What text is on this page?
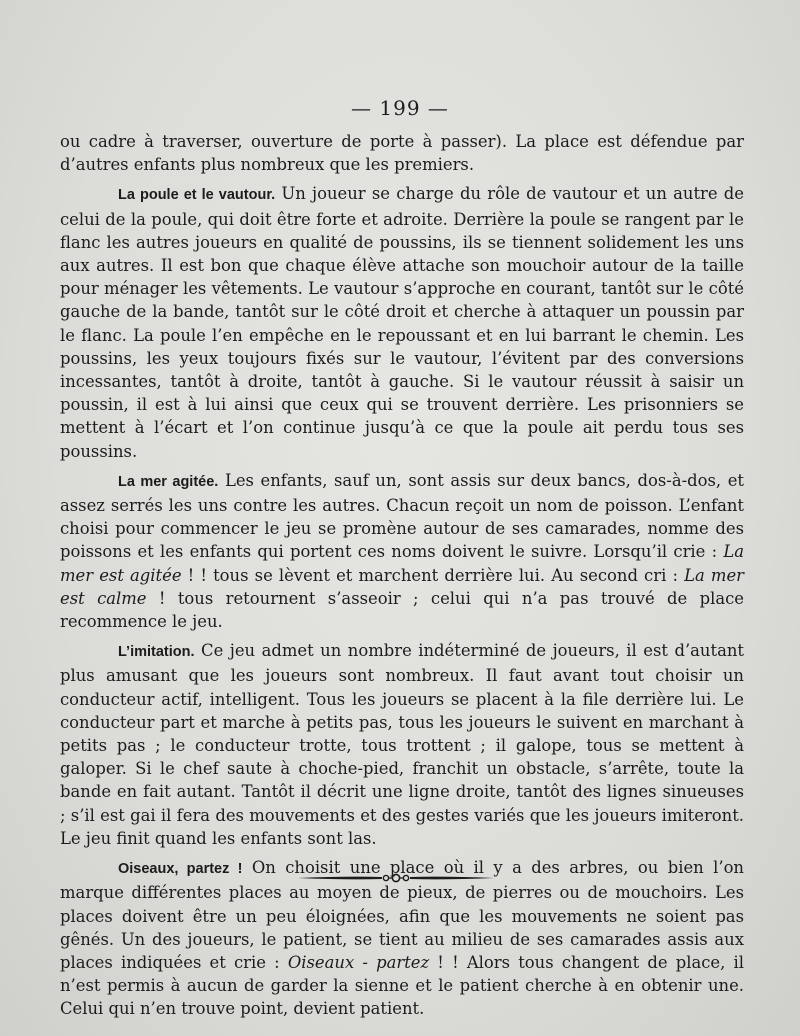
— 199 —

ou cadre à traverser, ouverture de porte à passer). La place est défendue par d’autres enfants plus nombreux que les premiers.

La poule et le vautour. Un joueur se charge du rôle de vautour et un autre de celui de la poule, qui doit être forte et adroite. Derrière la poule se rangent par le flanc les autres joueurs en qualité de poussins, ils se tiennent solidement les uns aux autres. Il est bon que chaque élève attache son mouchoir autour de la taille pour ménager les vêtements. Le vautour s’approche en courant, tantôt sur le côté gauche de la bande, tantôt sur le côté droit et cherche à attaquer un poussin par le flanc. La poule l’en empêche en le repoussant et en lui barrant le chemin. Les poussins, les yeux toujours fixés sur le vautour, l’évitent par des conversions incessantes, tantôt à droite, tantôt à gauche. Si le vautour réussit à saisir un poussin, il est à lui ainsi que ceux qui se trouvent derrière. Les prisonniers se mettent à l’écart et l’on continue jusqu’à ce que la poule ait perdu tous ses poussins.

La mer agitée. Les enfants, sauf un, sont assis sur deux bancs, dos-à-dos, et assez serrés les uns contre les autres. Chacun reçoit un nom de poisson. L’enfant choisi pour commencer le jeu se promène autour de ses camarades, nomme des poissons et les enfants qui portent ces noms doivent le suivre. Lorsqu’il crie : La mer est agitée ! ! tous se lèvent et marchent derrière lui. Au second cri : La mer est calme ! tous retournent s’asseoir ; celui qui n’a pas trouvé de place recommence le jeu.

L’imitation. Ce jeu admet un nombre indéterminé de joueurs, il est d’autant plus amusant que les joueurs sont nombreux. Il faut avant tout choisir un conducteur actif, intelligent. Tous les joueurs se placent à la file derrière lui. Le conducteur part et marche à petits pas, tous les joueurs le suivent en marchant à petits pas ; le conducteur trotte, tous trottent ; il galope, tous se mettent à galoper. Si le chef saute à choche-pied, franchit un obstacle, s’arrête, toute la bande en fait autant. Tantôt il décrit une ligne droite, tantôt des lignes sinueuses ; s’il est gai il fera des mouvements et des gestes variés que les joueurs imiteront. Le jeu finit quand les enfants sont las.

Oiseaux, partez ! On choisit une place où il y a des arbres, ou bien l’on marque différentes places au moyen de pieux, de pierres ou de mouchoirs. Les places doivent être un peu éloignées, afin que les mouvements ne soient pas gênés. Un des joueurs, le patient, se tient au milieu de ses camarades assis aux places indiquées et crie : Oiseaux - partez ! ! Alors tous changent de place, il n’est permis à aucun de garder la sienne et le patient cherche à en obtenir une. Celui qui n’en trouve point, devient patient.
